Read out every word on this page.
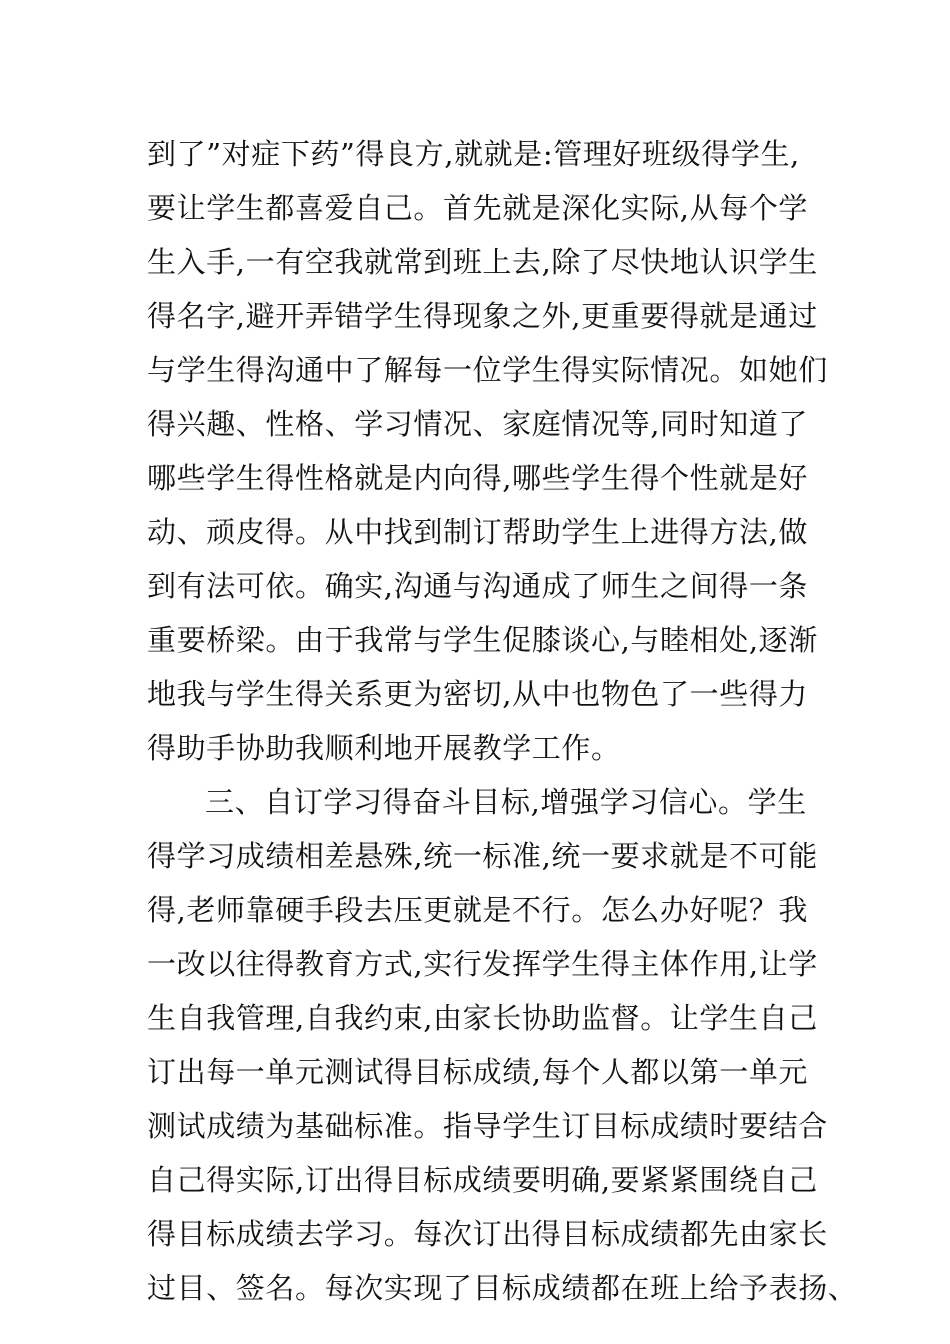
到了”对症下药”得良方,就就是:管理好班级得学生,
要让学生都喜爱自己。首先就是深化实际,从每个学
生入手,一有空我就常到班上去,除了尽快地认识学生
得名字,避开弄错学生得现象之外,更重要得就是通过
与学生得沟通中了解每一位学生得实际情况。如她们
得兴趣、性格、学习情况、家庭情况等,同时知道了
哪些学生得性格就是内向得,哪些学生得个性就是好
动、顽皮得。从中找到制订帮助学生上进得方法,做
到有法可依。确实,沟通与沟通成了师生之间得一条
重要桥梁。由于我常与学生促膝谈心,与睦相处,逐渐
地我与学生得关系更为密切,从中也物色了一些得力
得助手协助我顺利地开展教学工作。
三、自订学习得奋斗目标,增强学习信心。学生
得学习成绩相差悬殊,统一标准,统一要求就是不可能
得,老师靠硬手段去压更就是不行。怎么办好呢？我
一改以往得教育方式,实行发挥学生得主体作用,让学
生自我管理,自我约束,由家长协助监督。让学生自己
订出每一单元测试得目标成绩,每个人都以第一单元
测试成绩为基础标准。指导学生订目标成绩时要结合
自己得实际,订出得目标成绩要明确,要紧紧围绕自己
得目标成绩去学习。每次订出得目标成绩都先由家长
过目、签名。每次实现了目标成绩都在班上给予表扬、
